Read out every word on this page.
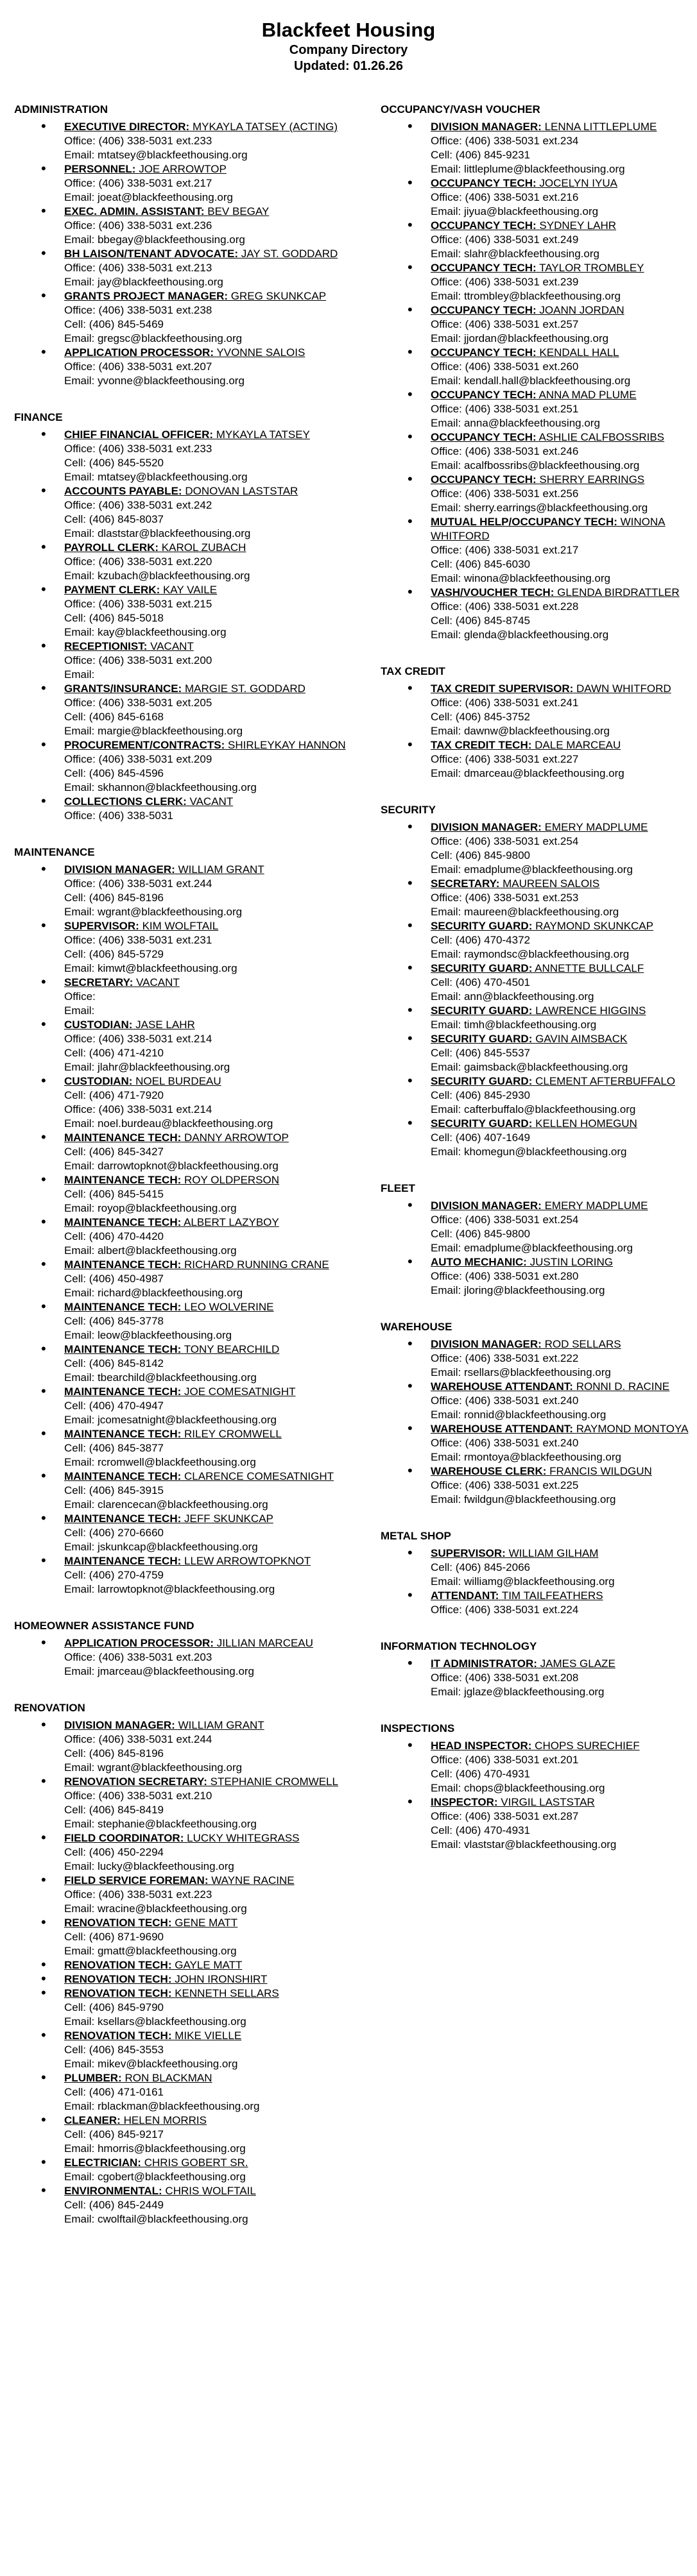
Blackfeet Housing
Company Directory
Updated: 01.26.26
ADMINISTRATION
• EXECUTIVE DIRECTOR: MYKAYLA TATSEY (ACTING)
Office: (406) 338-5031 ext.233
Email: mtatsey@blackfeethousing.org
• PERSONNEL: JOE ARROWTOP
Office: (406) 338-5031 ext.217
Email: joeat@blackfeethousing.org
• EXEC. ADMIN. ASSISTANT: BEV BEGAY
Office: (406) 338-5031 ext.236
Email: bbegay@blackfeethousing.org
• BH LAISON/TENANT ADVOCATE: JAY ST. GODDARD
Office: (406) 338-5031 ext.213
Email: jay@blackfeethousing.org
• GRANTS PROJECT MANAGER: GREG SKUNKCAP
Office: (406) 338-5031 ext.238
Cell: (406) 845-5469
Email: gregsc@blackfeethousing.org
• APPLICATION PROCESSOR: YVONNE SALOIS
Office: (406) 338-5031 ext.207
Email: yvonne@blackfeethousing.org
FINANCE
• CHIEF FINANCIAL OFFICER: MYKAYLA TATSEY
Office: (406) 338-5031 ext.233
Cell: (406) 845-5520
Email: mtatsey@blackfeethousing.org
• ACCOUNTS PAYABLE: DONOVAN LASTSTAR
Office: (406) 338-5031 ext.242
Cell: (406) 845-8037
Email: dlaststar@blackfeethousing.org
• PAYROLL CLERK: KAROL ZUBACH
Office: (406) 338-5031 ext.220
Email: kzubach@blackfeethousing.org
• PAYMENT CLERK: KAY VAILE
Office: (406) 338-5031 ext.215
Cell: (406) 845-5018
Email: kay@blackfeethousing.org
• RECEPTIONIST: VACANT
Office: (406) 338-5031 ext.200
Email:
• GRANTS/INSURANCE: MARGIE ST. GODDARD
Office: (406) 338-5031 ext.205
Cell: (406) 845-6168
Email: margie@blackfeethousing.org
• PROCUREMENT/CONTRACTS: SHIRLEYKAY HANNON
Office: (406) 338-5031 ext.209
Cell: (406) 845-4596
Email: skhannon@blackfeethousing.org
• COLLECTIONS CLERK: VACANT
Office: (406) 338-5031
MAINTENANCE
• DIVISION MANAGER: WILLIAM GRANT
Office: (406) 338-5031 ext.244
Cell: (406) 845-8196
Email: wgrant@blackfeethousing.org
• SUPERVISOR: KIM WOLFTAIL
Office: (406) 338-5031 ext.231
Cell: (406) 845-5729
Email: kimwt@blackfeethousing.org
• SECRETARY: VACANT
Office:
Email:
• CUSTODIAN: JASE LAHR
Office: (406) 338-5031 ext.214
Cell: (406) 471-4210
Email: jlahr@blackfeethousing.org
• CUSTODIAN: NOEL BURDEAU
Cell: (406) 471-7920
Office: (406) 338-5031 ext.214
Email: noel.burdeau@blackfeethousing.org
• MAINTENANCE TECH: DANNY ARROWTOP
Cell: (406) 845-3427
Email: darrowtopknot@blackfeethousing.org
• MAINTENANCE TECH: ROY OLDPERSON
Cell: (406) 845-5415
Email: royop@blackfeethousing.org
• MAINTENANCE TECH: ALBERT LAZYBOY
Cell: (406) 470-4420
Email: albert@blackfeethousing.org
• MAINTENANCE TECH: RICHARD RUNNING CRANE
Cell: (406) 450-4987
Email: richard@blackfeethousing.org
• MAINTENANCE TECH: LEO WOLVERINE
Cell: (406) 845-3778
Email: leow@blackfeethousing.org
• MAINTENANCE TECH: TONY BEARCHILD
Cell: (406) 845-8142
Email: tbearchild@blackfeethousing.org
• MAINTENANCE TECH: JOE COMESATNIGHT
Cell: (406) 470-4947
Email: jcomesatnight@blackfeethousing.org
• MAINTENANCE TECH: RILEY CROMWELL
Cell: (406) 845-3877
Email: rcromwell@blackfeethousing.org
• MAINTENANCE TECH: CLARENCE COMESATNIGHT
Cell: (406) 845-3915
Email: clarencecan@blackfeethousing.org
• MAINTENANCE TECH: JEFF SKUNKCAP
Cell: (406) 270-6660
Email: jskunkcap@blackfeethousing.org
• MAINTENANCE TECH: LLEW ARROWTOPKNOT
Cell: (406) 270-4759
Email: larrowtopknot@blackfeethousing.org
HOMEOWNER ASSISTANCE FUND
• APPLICATION PROCESSOR: JILLIAN MARCEAU
Office: (406) 338-5031 ext.203
Email: jmarceau@blackfeethousing.org
RENOVATION
• DIVISION MANAGER: WILLIAM GRANT
Office: (406) 338-5031 ext.244
Cell: (406) 845-8196
Email: wgrant@blackfeethousing.org
• RENOVATION SECRETARY: STEPHANIE CROMWELL
Office: (406) 338-5031 ext.210
Cell: (406) 845-8419
Email: stephanie@blackfeethousing.org
• FIELD COORDINATOR: LUCKY WHITEGRASS
Cell: (406) 450-2294
Email: lucky@blackfeethousing.org
• FIELD SERVICE FOREMAN: WAYNE RACINE
Office: (406) 338-5031 ext.223
Email: wracine@blackfeethousing.org
• RENOVATION TECH: GENE MATT
Cell: (406) 871-9690
Email: gmatt@blackfeethousing.org
• RENOVATION TECH: GAYLE MATT
• RENOVATION TECH: JOHN IRONSHIRT
• RENOVATION TECH: KENNETH SELLARS
Cell: (406) 845-9790
Email: ksellars@blackfeethousing.org
• RENOVATION TECH: MIKE VIELLE
Cell: (406) 845-3553
Email: mikev@blackfeethousing.org
• PLUMBER: RON BLACKMAN
Cell: (406) 471-0161
Email: rblackman@blackfeethousing.org
• CLEANER: HELEN MORRIS
Cell: (406) 845-9217
Email: hmorris@blackfeethousing.org
• ELECTRICIAN: CHRIS GOBERT SR.
Email: cgobert@blackfeethousing.org
• ENVIRONMENTAL: CHRIS WOLFTAIL
Cell: (406) 845-2449
Email: cwolftail@blackfeethousing.org
OCCUPANCY/VASH VOUCHER
• DIVISION MANAGER: LENNA LITTLEPLUME
Office: (406) 338-5031 ext.234
Cell: (406) 845-9231
Email: littleplume@blackfeethousing.org
• OCCUPANCY TECH: JOCELYN IYUA
Office: (406) 338-5031 ext.216
Email: jiyua@blackfeethousing.org
• OCCUPANCY TECH: SYDNEY LAHR
Office: (406) 338-5031 ext.249
Email: slahr@blackfeethousing.org
• OCCUPANCY TECH: TAYLOR TROMBLEY
Office: (406) 338-5031 ext.239
Email: ttrombley@blackfeethousing.org
• OCCUPANCY TECH: JOANN JORDAN
Office: (406) 338-5031 ext.257
Email: jjordan@blackfeethousing.org
• OCCUPANCY TECH: KENDALL HALL
Office: (406) 338-5031 ext.260
Email: kendall.hall@blackfeethousing.org
• OCCUPANCY TECH: ANNA MAD PLUME
Office: (406) 338-5031 ext.251
Email: anna@blackfeethousing.org
• OCCUPANCY TECH: ASHLIE CALFBOSSRIBS
Office: (406) 338-5031 ext.246
Email: acalfbossribs@blackfeethousing.org
• OCCUPANCY TECH: SHERRY EARRINGS
Office: (406) 338-5031 ext.256
Email: sherry.earrings@blackfeethousing.org
• MUTUAL HELP/OCCUPANCY TECH: WINONA WHITFORD
Office: (406) 338-5031 ext.217
Cell: (406) 845-6030
Email: winona@blackfeethousing.org
• VASH/VOUCHER TECH: GLENDA BIRDRATTLER
Office: (406) 338-5031 ext.228
Cell: (406) 845-8745
Email: glenda@blackfeethousing.org
TAX CREDIT
• TAX CREDIT SUPERVISOR: DAWN WHITFORD
Office: (406) 338-5031 ext.241
Cell: (406) 845-3752
Email: dawnw@blackfeethousing.org
• TAX CREDIT TECH: DALE MARCEAU
Office: (406) 338-5031 ext.227
Email: dmarceau@blackfeethousing.org
SECURITY
• DIVISION MANAGER: EMERY MADPLUME
Office: (406) 338-5031 ext.254
Cell: (406) 845-9800
Email: emadplume@blackfeethousing.org
• SECRETARY: MAUREEN SALOIS
Office: (406) 338-5031 ext.253
Email: maureen@blackfeethousing.org
• SECURITY GUARD: RAYMOND SKUNKCAP
Cell: (406) 470-4372
Email: raymondsc@blackfeethousing.org
• SECURITY GUARD: ANNETTE BULLCALF
Cell: (406) 470-4501
Email: ann@blackfeethousing.org
• SECURITY GUARD: LAWRENCE HIGGINS
Email: timh@blackfeethousing.org
• SECURITY GUARD: GAVIN AIMSBACK
Cell: (406) 845-5537
Email: gaimsback@blackfeethousing.org
• SECURITY GUARD: CLEMENT AFTERBUFFALO
Cell: (406) 845-2930
Email: cafterbuffalo@blackfeethousing.org
• SECURITY GUARD: KELLEN HOMEGUN
Cell: (406) 407-1649
Email: khomegun@blackfeethousing.org
FLEET
• DIVISION MANAGER: EMERY MADPLUME
Office: (406) 338-5031 ext.254
Cell: (406) 845-9800
Email: emadplume@blackfeethousing.org
• AUTO MECHANIC: JUSTIN LORING
Office: (406) 338-5031 ext.280
Email: jloring@blackfeethousing.org
WAREHOUSE
• DIVISION MANAGER: ROD SELLARS
Office: (406) 338-5031 ext.222
Email: rsellars@blackfeethousing.org
• WAREHOUSE ATTENDANT: RONNI D. RACINE
Office: (406) 338-5031 ext.240
Email: ronnid@blackfeethousing.org
• WAREHOUSE ATTENDANT: RAYMOND MONTOYA
Office: (406) 338-5031 ext.240
Email: rmontoya@blackfeethousing.org
• WAREHOUSE CLERK: FRANCIS WILDGUN
Office: (406) 338-5031 ext.225
Email: fwildgun@blackfeethousing.org
METAL SHOP
• SUPERVISOR: WILLIAM GILHAM
Cell: (406) 845-2066
Email: williamg@blackfeethousing.org
• ATTENDANT: TIM TAILFEATHERS
Office: (406) 338-5031 ext.224
INFORMATION TECHNOLOGY
• IT ADMINISTRATOR: JAMES GLAZE
Office: (406) 338-5031 ext.208
Email: jglaze@blackfeethousing.org
INSPECTIONS
• HEAD INSPECTOR: CHOPS SURECHIEF
Office: (406) 338-5031 ext.201
Cell: (406) 470-4931
Email: chops@blackfeethousing.org
• INSPECTOR: VIRGIL LASTSTAR
Office: (406) 338-5031 ext.287
Cell: (406) 470-4931
Email: vlaststar@blackfeethousing.org
